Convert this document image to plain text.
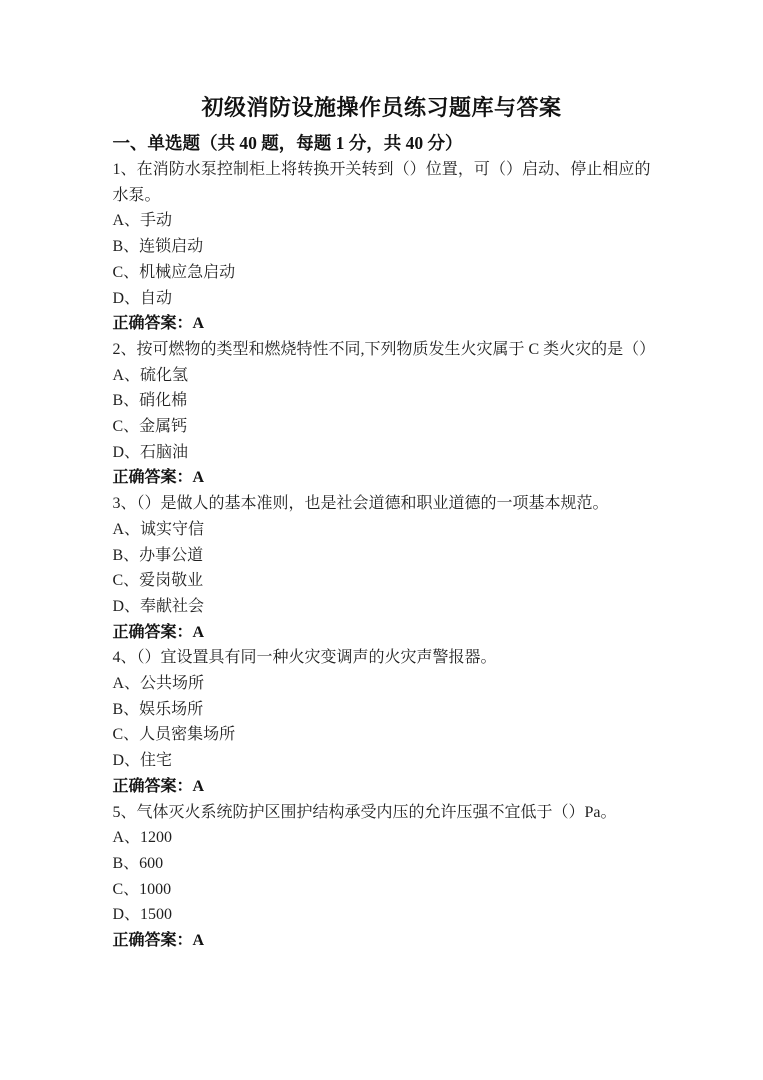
初级消防设施操作员练习题库与答案
一、单选题（共 40 题，每题 1 分，共 40 分）

1、在消防水泵控制柜上将转换开关转到（）位置，可（）启动、停止相应的水泵。

A、手动

B、连锁启动

C、机械应急启动

D、自动

正确答案：A

2、按可燃物的类型和燃烧特性不同,下列物质发生火灾属于 C 类火灾的是（）

A、硫化氢

B、硝化棉

C、金属钙

D、石脑油

正确答案：A

3、（）是做人的基本准则，也是社会道德和职业道德的一项基本规范。

A、诚实守信

B、办事公道

C、爱岗敬业

D、奉献社会

正确答案：A

4、（）宜设置具有同一种火灾变调声的火灾声警报器。

A、公共场所

B、娱乐场所

C、人员密集场所

D、住宅

正确答案：A

5、气体灭火系统防护区围护结构承受内压的允许压强不宜低于（）Pa。

A、1200

B、600

C、1000

D、1500

正确答案：A
